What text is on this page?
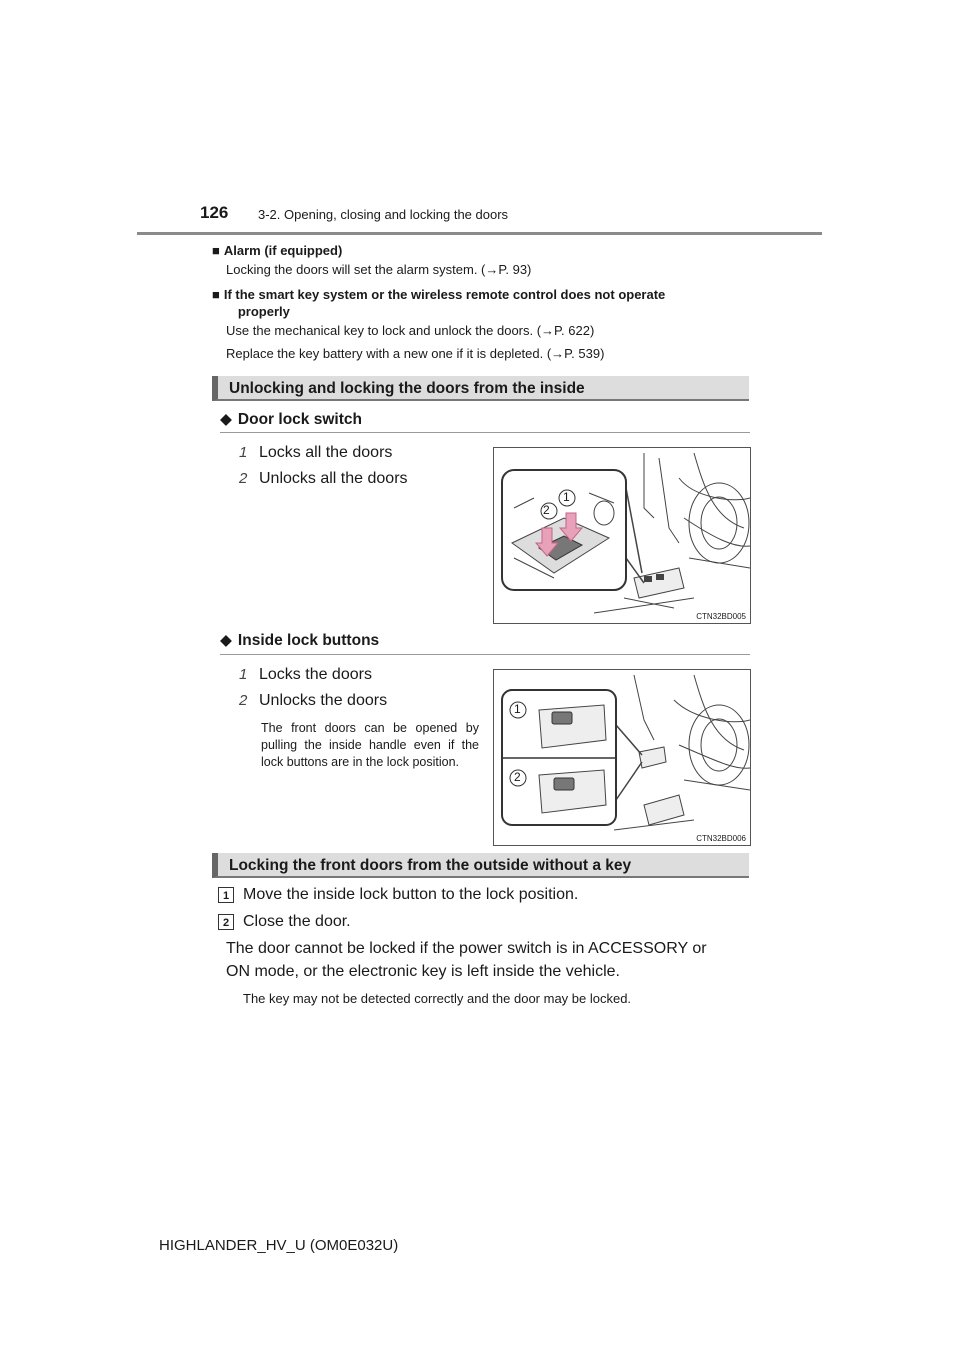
126 3-2. Opening, closing and locking the doors
■ Alarm (if equipped)
Locking the doors will set the alarm system. (→P. 93)
■ If the smart key system or the wireless remote control does not operate
■ properly
Use the mechanical key to lock and unlock the doors. (→P. 622)
Replace the key battery with a new one if it is depleted. (→P. 539)
Unlocking and locking the doors from the inside
◆ Door lock switch
1 Locks all the doors
2 Unlocks all the doors
2
1
CTN32BD005
◆ Inside lock buttons
1 Locks the doors
2 Unlocks the doors
The front doors can be opened by pulling the inside handle even if the lock buttons are in the lock position.
1
2
CTN32BD006
Locking the front doors from the outside without a key
1 Move the inside lock button to the lock position.
2 Close the door.
The door cannot be locked if the power switch is in ACCESSORY or
ON mode, or the electronic key is left inside the vehicle.
The key may not be detected correctly and the door may be locked.
HIGHLANDER_HV_U (OM0E032U)
